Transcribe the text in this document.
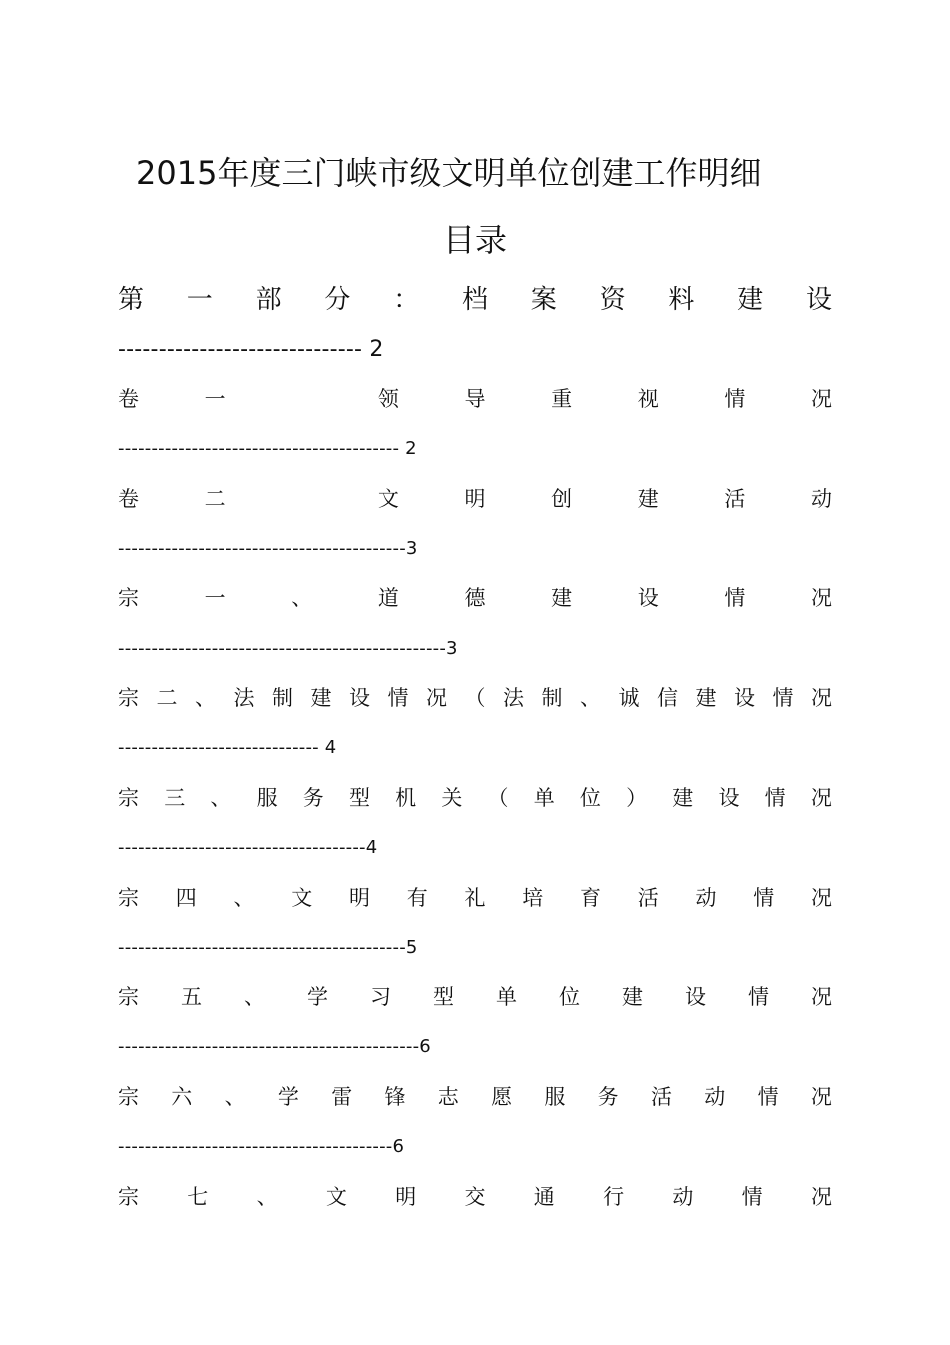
2015年度三门峡市级文明单位创建工作明细
目录
第 一 部 分 ： 档 案 资 料 建 设
------------------------------ 2
卷	一	领	导	重	视	情	况
------------------------------------------ 2
卷	二	文	明	创	建	活	动
-------------------------------------------3
宗	一	、	道	德	建	设	情	况
-------------------------------------------------3
宗 二 、 法 制 建 设 情 况 （ 法 制 、 诚 信 建 设 情 况
------------------------------ 4
宗 三 、 服 务 型 机 关 （ 单 位 ） 建 设 情 况
-------------------------------------4
宗 四 、 文 明 有 礼 培 育 活 动 情 况
-------------------------------------------5
宗 五 、 学 习 型 单 位 建 设 情 况
---------------------------------------------6
宗 六 、 学 雷 锋 志 愿 服 务 活 动 情 况
-----------------------------------------6
宗 七 、 文 明 交 通 行 动 情 况
